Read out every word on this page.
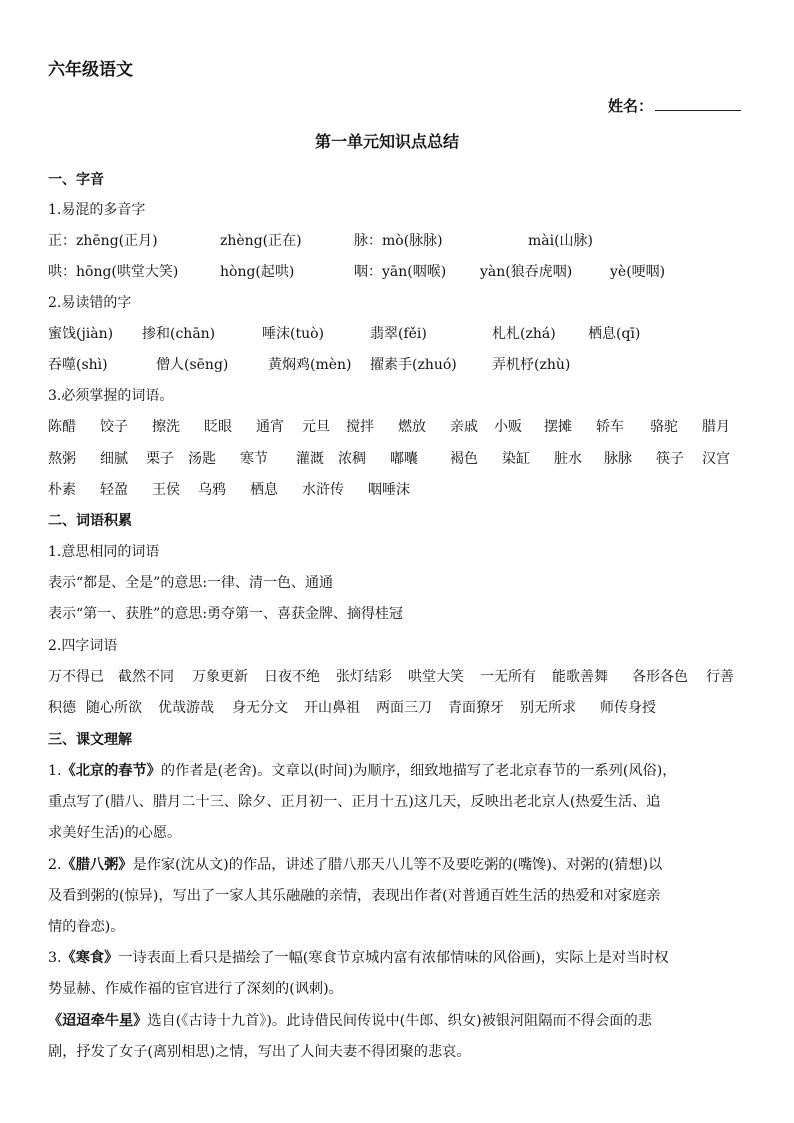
六年级语文
姓名：
第一单元知识点总结
一、字音
1.易混的多音字
正：zhēng(正月)	zhèng(正在)	脉：mò(脉脉)	mài(山脉)
哄：hōng(哄堂大笑)	hòng(起哄)	咽：yān(咽喉) yàn(狼吞虎咽)	yè(哽咽)
2.易读错的字
蜜饯(jiàn) 掺和(chān)	唾沫(tuò)	翡翠(fěi)	札札(zhá) 栖息(qī)
吞噬(shì)	僧人(sēng)	黄焖鸡(mèn) 擢素手(zhuó)	弄机杼(zhù)
3.必须掌握的词语。
陈醋 饺子 擦洗 眨眼 通宵 元旦 搅拌 燃放 亲戚 小贩 摆摊 轿车 骆驼 腊月
熬粥 细腻 栗子 汤匙 寒节 灌溉 浓稠 嘟囔 褐色 染缸 脏水 脉脉 筷子 汉宫
朴素 轻盈 王侯 乌鸦 栖息 水浒传 咽唾沫
二、词语积累
1.意思相同的词语
表示“都是、全是”的意思:一律、清一色、通通
表示“第一、获胜”的意思:勇夺第一、喜获金牌、摘得桂冠
2.四字词语
万不得已 截然不同 万象更新 日夜不绝 张灯结彩 哄堂大笑 一无所有 能歌善舞 各形各色 行善
积德 随心所欲 优哉游哉 身无分文 开山鼻祖 两面三刀 青面獠牙 别无所求 师传身授
三、课文理解
1.《北京的春节》的作者是(老舍)。文章以(时间)为顺序，细致地描写了老北京春节的一系列(风俗)，
重点写了(腊八、腊月二十三、除夕、正月初一、正月十五)这几天，反映出老北京人(热爱生活、追
求美好生活)的心愿。
2.《腊八粥》是作家(沈从文)的作品，讲述了腊八那天八儿等不及要吃粥的(嘴馋)、对粥的(猜想)以
及看到粥的(惊异)，写出了一家人其乐融融的亲情，表现出作者(对普通百姓生活的热爱和对家庭亲
情的眷恋)。
3.《寒食》一诗表面上看只是描绘了一幅(寒食节京城内富有浓郁情味的风俗画)，实际上是对当时权
势显赫、作威作福的宦官进行了深刻的(讽刺)。
《迢迢牵牛星》选自(《古诗十九首》)。此诗借民间传说中(牛郎、织女)被银河阻隔而不得会面的悲
剧，抒发了女子(离别相思)之情，写出了人间夫妻不得团聚的悲哀。
